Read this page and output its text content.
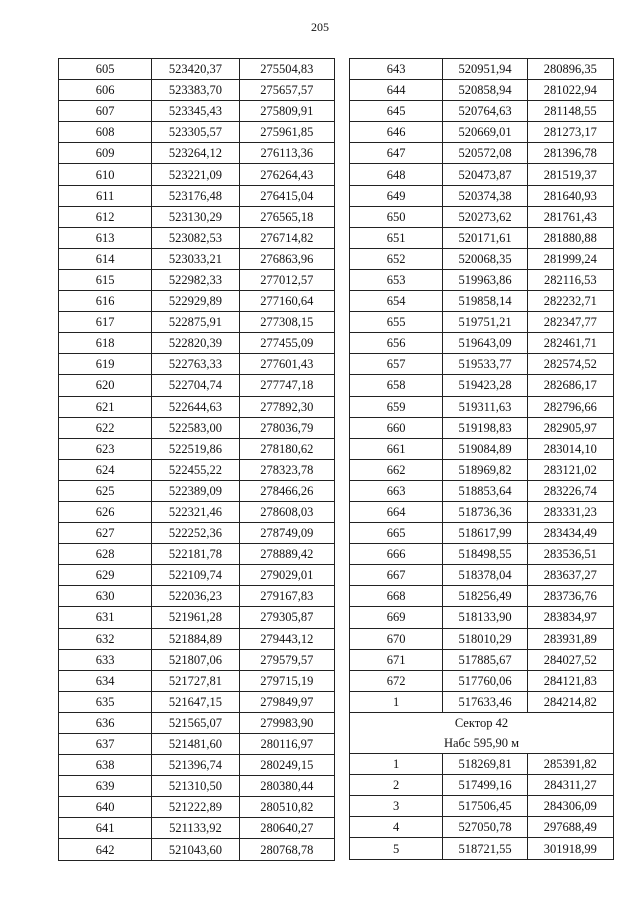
205
605	523420,37	275504,83
606	523383,70	275657,57
607	523345,43	275809,91
608	523305,57	275961,85
609	523264,12	276113,36
610	523221,09	276264,43
611	523176,48	276415,04
612	523130,29	276565,18
613	523082,53	276714,82
614	523033,21	276863,96
615	522982,33	277012,57
616	522929,89	277160,64
617	522875,91	277308,15
618	522820,39	277455,09
619	522763,33	277601,43
620	522704,74	277747,18
621	522644,63	277892,30
622	522583,00	278036,79
623	522519,86	278180,62
624	522455,22	278323,78
625	522389,09	278466,26
626	522321,46	278608,03
627	522252,36	278749,09
628	522181,78	278889,42
629	522109,74	279029,01
630	522036,23	279167,83
631	521961,28	279305,87
632	521884,89	279443,12
633	521807,06	279579,57
634	521727,81	279715,19
635	521647,15	279849,97
636	521565,07	279983,90
637	521481,60	280116,97
638	521396,74	280249,15
639	521310,50	280380,44
640	521222,89	280510,82
641	521133,92	280640,27
642	521043,60	280768,78
643	520951,94	280896,35
644	520858,94	281022,94
645	520764,63	281148,55
646	520669,01	281273,17
647	520572,08	281396,78
648	520473,87	281519,37
649	520374,38	281640,93
650	520273,62	281761,43
651	520171,61	281880,88
652	520068,35	281999,24
653	519963,86	282116,53
654	519858,14	282232,71
655	519751,21	282347,77
656	519643,09	282461,71
657	519533,77	282574,52
658	519423,28	282686,17
659	519311,63	282796,66
660	519198,83	282905,97
661	519084,89	283014,10
662	518969,82	283121,02
663	518853,64	283226,74
664	518736,36	283331,23
665	518617,99	283434,49
666	518498,55	283536,51
667	518378,04	283637,27
668	518256,49	283736,76
669	518133,90	283834,97
670	518010,29	283931,89
671	517885,67	284027,52
672	517760,06	284121,83
1	517633,46	284214,82
Сектор 42		
Набс 595,90 м		
1	518269,81	285391,82
2	517499,16	284311,27
3	517506,45	284306,09
4	527050,78	297688,49
5	518721,55	301918,99
